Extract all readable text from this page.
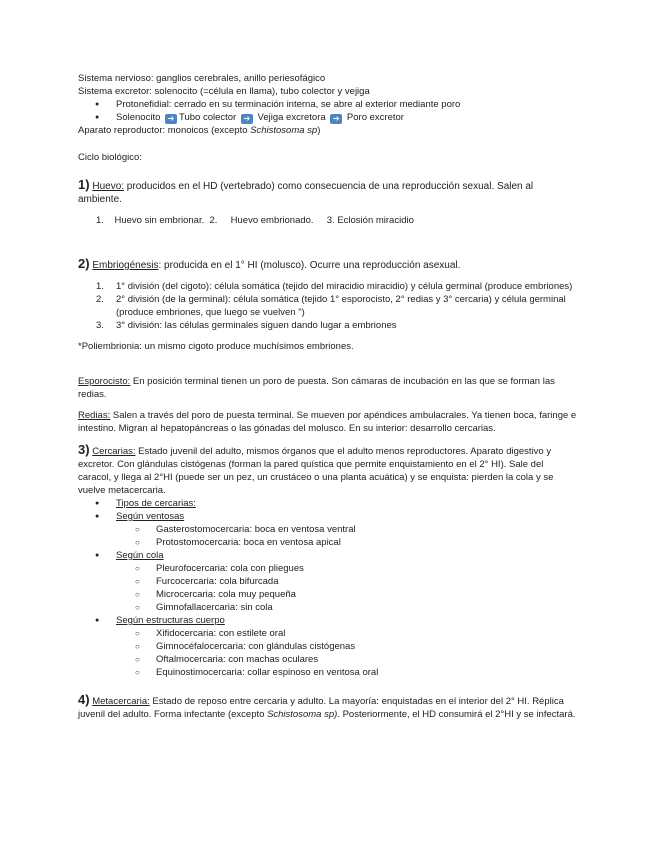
Sistema nervioso: ganglios cerebrales, anillo periesofágico

Sistema excretor: solenocito (=célula en llama), tubo colector y vejiga

● Protonefidial: cerrado en su terminación interna, se abre al exterior mediante poro

● Solenocito ➔ Tubo colector ➔ Vejiga excretora ➔ Poro excretor

Aparato reproductor: monoicos (excepto Schistosoma sp)

Ciclo biológico:

1) Huevo: producidos en el HD (vertebrado) como consecuencia de una reproducción sexual. Salen al ambiente.

1.    Huevo sin embrionar.  2.     Huevo embrionado.     3. Eclosión miracidio

2) Embriogénesis: producida en el 1° HI (molusco). Ocurre una reproducción asexual.

1. 1° división (del cigoto): célula somática (tejido del miracidio miracidio) y célula germinal (produce embriones)

2. 2° división (de la germinal): célula somática (tejido 1° esporocisto, 2° redias y 3° cercaria) y célula germinal (produce embriones, que luego se vuelven ")

3. 3° división: las células germinales siguen dando lugar a embriones

*Poliembrionia: un mismo cigoto produce muchísimos embriones.

Esporocisto: En posición terminal tienen un poro de puesta. Son cámaras de incubación en las que se forman las redias.

Redias: Salen a través del poro de puesta terminal. Se mueven por apéndices ambulacrales. Ya tienen boca, faringe e intestino. Migran al hepatopáncreas o las gónadas del molusco. En su interior: desarrollo cercarias.

3) Cercarias: Estado juvenil del adulto, mismos órganos que el adulto menos reproductores. Aparato digestivo y excretor. Con glándulas cistógenas (forman la pared quística que permite enquistamiento en el 2° HI). Sale del caracol, y llega al 2°HI (puede ser un pez, un crustáceo o una planta acuática) y se enquista: pierden la cola y se vuelve metacercaria.

● Tipos de cercarias:

● Según ventosas

○ Gasterostomocercaria: boca en ventosa ventral

○ Protostomocercaria: boca en ventosa apical

● Según cola

○ Pleurofocercaria: cola con pliegues

○ Furcocercaria: cola bifurcada

○ Microcercaria: cola muy pequeña

○ Gimnofallacercaria: sin cola

● Según estructuras cuerpo

○ Xifidocercaria: con estilete oral

○ Gimnocéfalocercaria: con glándulas cistógenas

○ Oftalmocercaria: con machas oculares

○ Equinostimocercaria: collar espinoso en ventosa oral

4) Metacercaria: Estado de reposo entre cercaria y adulto. La mayoría: enquistadas en el interior del 2° HI. Réplica juvenil del adulto. Forma infectante (excepto Schistosoma sp). Posteriormente, el HD consumirá el 2°HI y se infectará.
